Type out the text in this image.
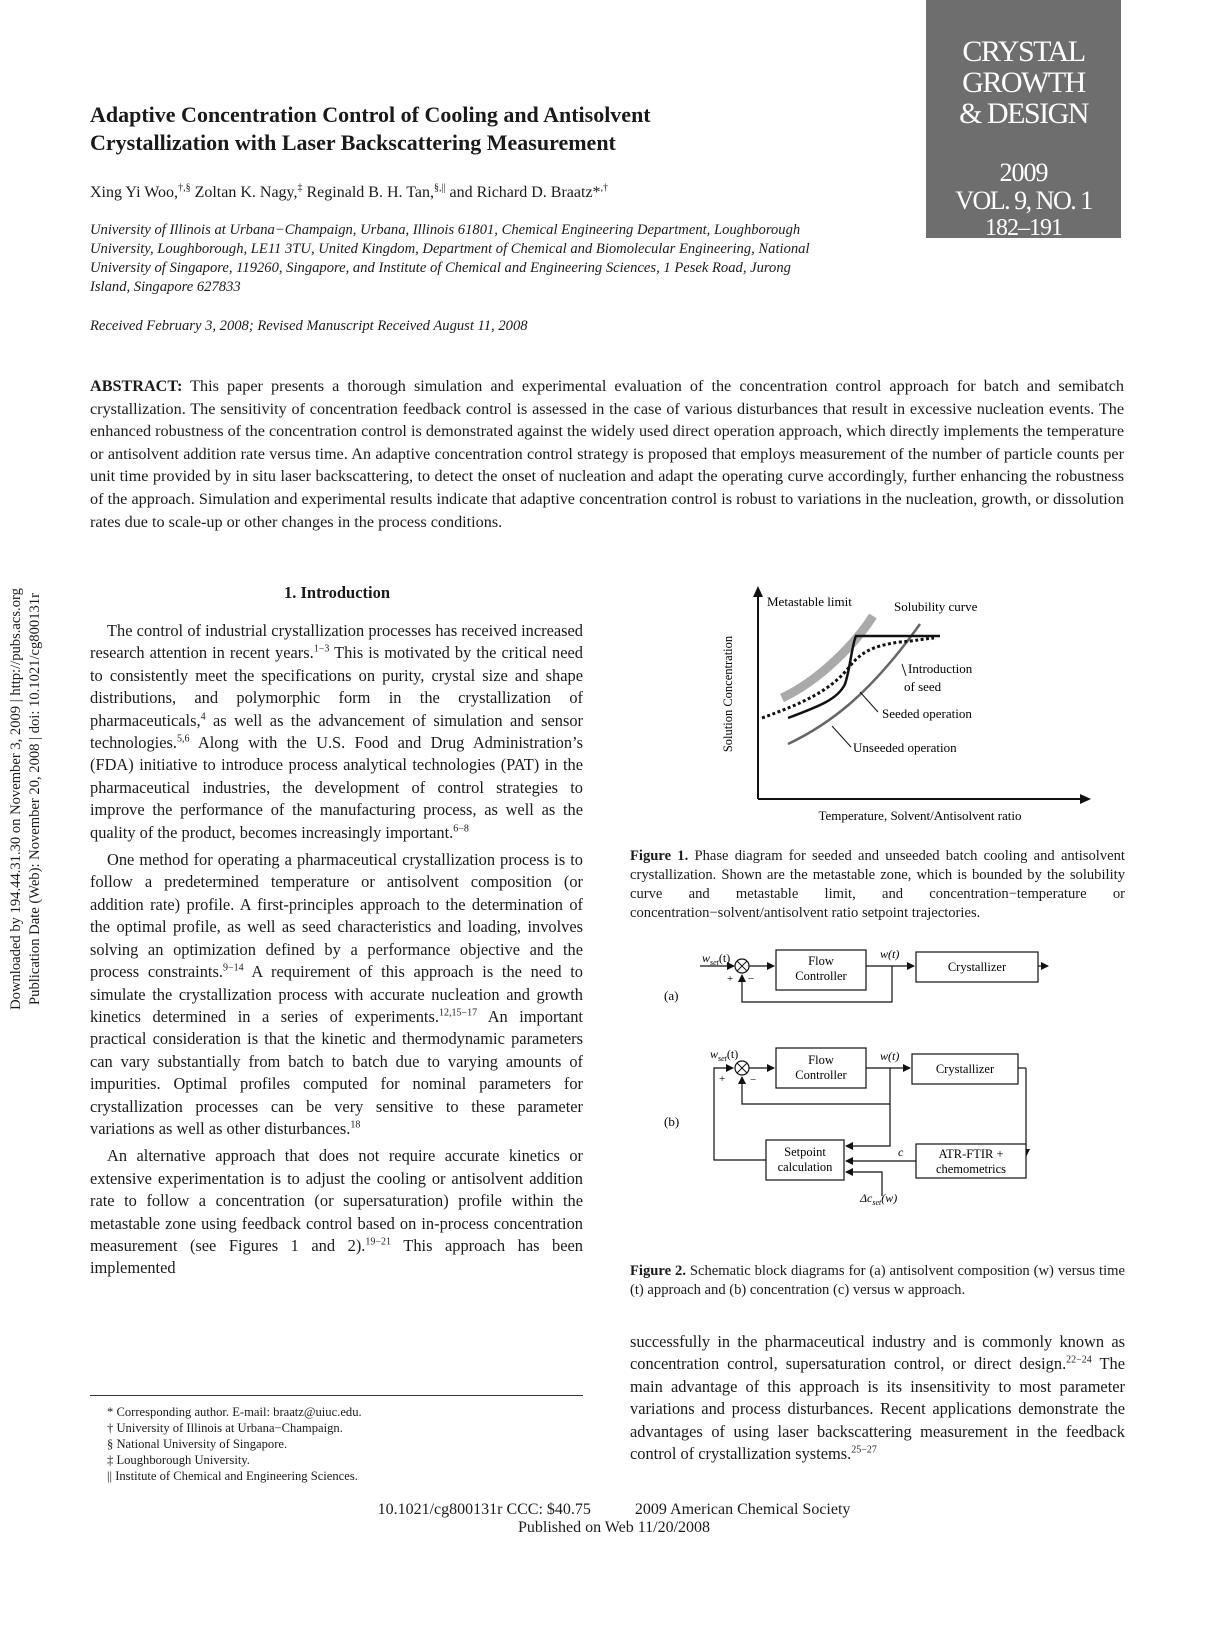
CRYSTAL
GROWTH
& DESIGN
2009
VOL. 9, NO. 1
182–191
Adaptive Concentration Control of Cooling and Antisolvent
Crystallization with Laser Backscattering Measurement
Xing Yi Woo,†,§ Zoltan K. Nagy,‡ Reginald B. H. Tan,§,|| and Richard D. Braatz*,†
University of Illinois at Urbana−Champaign, Urbana, Illinois 61801, Chemical Engineering Department, Loughborough University, Loughborough, LE11 3TU, United Kingdom, Department of Chemical and Biomolecular Engineering, National University of Singapore, 119260, Singapore, and Institute of Chemical and Engineering Sciences, 1 Pesek Road, Jurong Island, Singapore 627833
Received February 3, 2008; Revised Manuscript Received August 11, 2008
ABSTRACT: This paper presents a thorough simulation and experimental evaluation of the concentration control approach for batch and semibatch crystallization. The sensitivity of concentration feedback control is assessed in the case of various disturbances that result in excessive nucleation events. The enhanced robustness of the concentration control is demonstrated against the widely used direct operation approach, which directly implements the temperature or antisolvent addition rate versus time. An adaptive concentration control strategy is proposed that employs measurement of the number of particle counts per unit time provided by in situ laser backscattering, to detect the onset of nucleation and adapt the operating curve accordingly, further enhancing the robustness of the approach. Simulation and experimental results indicate that adaptive concentration control is robust to variations in the nucleation, growth, or dissolution rates due to scale-up or other changes in the process conditions.
Downloaded by 194.44.31.30 on November 3, 2009 | http://pubs.acs.org Publication Date (Web): November 20, 2008 | doi: 10.1021/cg800131r
1. Introduction

The control of industrial crystallization processes has received increased research attention in recent years.$^{1-3}$ This is motivated by the critical need to consistently meet the specifications on purity, crystal size and shape distributions, and polymorphic form in the crystallization of pharmaceuticals,$^4$ as well as the advancement of simulation and sensor technologies.$^{5,6}$ Along with the U.S. Food and Drug Administration’s (FDA) initiative to introduce process analytical technologies (PAT) in the pharmaceutical industries, the development of control strategies to improve the performance of the manufacturing process, as well as the quality of the product, becomes increasingly important.$^{6-8}$

One method for operating a pharmaceutical crystallization process is to follow a predetermined temperature or antisolvent composition (or addition rate) profile. A first-principles approach to the determination of the optimal profile, as well as seed characteristics and loading, involves solving an optimization defined by a performance objective and the process constraints.$^{9-14}$ A requirement of this approach is the need to simulate the crystallization process with accurate nucleation and growth kinetics determined in a series of experiments.$^{12,15-17}$ An important practical consideration is that the kinetic and thermodynamic parameters can vary substantially from batch to batch due to varying amounts of impurities. Optimal profiles computed for nominal parameters for crystallization processes can be very sensitive to these parameter variations as well as other disturbances.$^{18}$

An alternative approach that does not require accurate kinetics or extensive experimentation is to adjust the cooling or antisolvent addition rate to follow a concentration (or supersaturation) profile within the metastable zone using feedback control based on in-process concentration measurement (see Figures 1 and 2).$^{19-21}$ This approach has been implemented

* Corresponding author. E-mail: braatz@uiuc.edu.
† University of Illinois at Urbana−Champaign.
§ National University of Singapore.
‡ Loughborough University.
|| Institute of Chemical and Engineering Sciences.
Solution Concentration
Temperature, Solvent/Antisolvent ratio
Metastable limit	Solubility curve
Introduction
of seed
Seeded operation
Unseeded operation
Figure 1. Phase diagram for seeded and unseeded batch cooling and antisolvent crystallization. Shown are the metastable zone, which is bounded by the solubility curve and metastable limit, and concentration−temperature or concentration−solvent/antisolvent ratio setpoint trajectories.
(a)
$w_{set}(t)$
+ −
Flow
Controller
w(t)
Crystallizer
(b)
$w_{set}(t)$
+ −
Flow
Controller
w(t)
Crystallizer
Setpoint
calculation
ATR-FTIR +
chemometrics
c
$\Delta c_{set}(w)$
Figure 2. Schematic block diagrams for (a) antisolvent composition (w) versus time (t) approach and (b) concentration (c) versus w approach.

successfully in the pharmaceutical industry and is commonly known as concentration control, supersaturation control, or direct design.$^{22-24}$ The main advantage of this approach is its insensitivity to most parameter variations and process disturbances. Recent applications demonstrate the advantages of using laser backscattering measurement in the feedback control of crystallization systems.$^{25-27}$

10.1021/cg800131r CCC: $40.75	2009 American Chemical Society
Published on Web 11/20/2008
